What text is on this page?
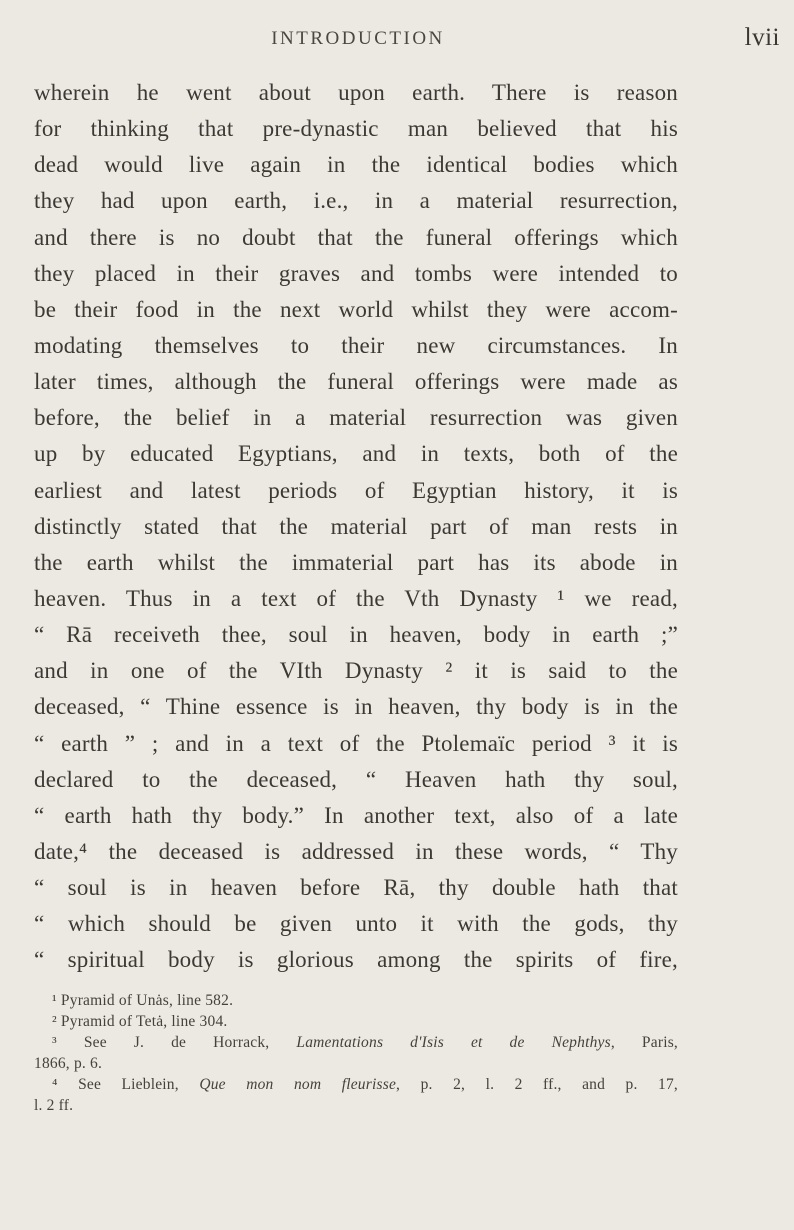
INTRODUCTION	lvii
wherein he went about upon earth. There is reason
for thinking that pre-dynastic man believed that his
dead would live again in the identical bodies which
they had upon earth, i.e., in a material resurrection,
and there is no doubt that the funeral offerings which
they placed in their graves and tombs were intended to
be their food in the next world whilst they were accom-
modating themselves to their new circumstances. In
later times, although the funeral offerings were made as
before, the belief in a material resurrection was given
up by educated Egyptians, and in texts, both of the
earliest and latest periods of Egyptian history, it is
distinctly stated that the material part of man rests in
the earth whilst the immaterial part has its abode in
heaven. Thus in a text of the Vth Dynasty ¹ we read,
“ Rā receiveth thee, soul in heaven, body in earth ;”
and in one of the VIth Dynasty ² it is said to the
deceased, “ Thine essence is in heaven, thy body is in the
“ earth ” ; and in a text of the Ptolemaïc period ³ it is
declared to the deceased, “ Heaven hath thy soul,
“ earth hath thy body.” In another text, also of a late
date,⁴ the deceased is addressed in these words, “ Thy
“ soul is in heaven before Rā, thy double hath that
“ which should be given unto it with the gods, thy
“ spiritual body is glorious among the spirits of fire,
¹ Pyramid of Unȧs, line 582.
² Pyramid of Tetȧ, line 304.
³ See J. de Horrack, Lamentations d'Isis et de Nephthys, Paris,
1866, p. 6.
⁴ See Lieblein, Que mon nom fleurisse, p. 2, l. 2 ff., and p. 17,
l. 2 ff.
